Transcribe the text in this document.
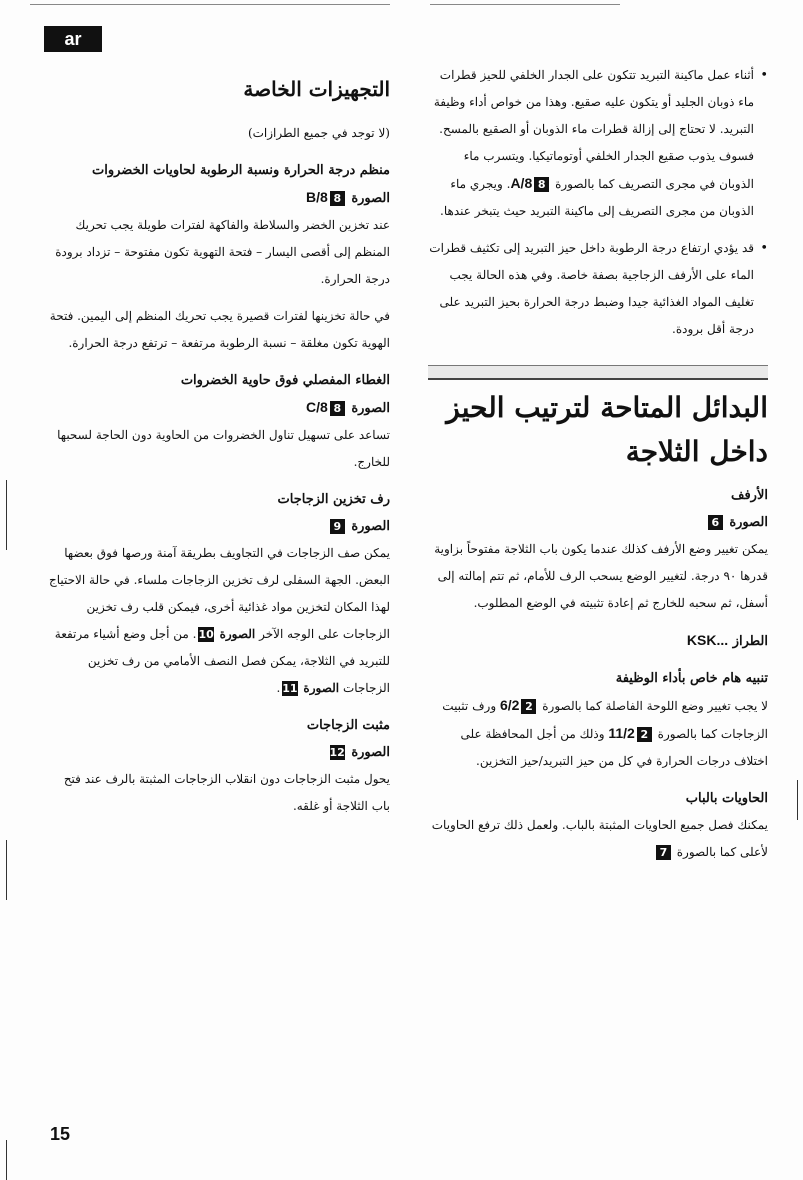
ar

• أثناء عمل ماكينة التبريد تتكون على الجدار الخلفي للحيز قطرات ماء ذوبان الجليد أو يتكون عليه صقيع. وهذا من خواص أداء وظيفة التبريد. لا تحتاج إلى إزالة قطرات ماء الذوبان أو الصقيع بالمسح. فسوف يذوب صقيع الجدار الخلفي أوتوماتيكيا. ويتسرب ماء الذوبان في مجرى التصريف كما بالصورة 8A/8. ويجري ماء الذوبان من مجرى التصريف إلى ماكينة التبريد حيث يتبخر عندها.

• قد يؤدي ارتفاع درجة الرطوبة داخل حيز التبريد إلى تكثيف قطرات الماء على الأرفف الزجاجية بصفة خاصة. وفي هذه الحالة يجب تغليف المواد الغذائية جيدا وضبط درجة الحرارة بحيز التبريد على درجة أقل برودة.

البدائل المتاحة لترتيب الحيز داخل الثلاجة

الأرفف

الصورة 6

يمكن تغيير وضع الأرفف كذلك عندما يكون باب الثلاجة مفتوحاً بزاوية قدرها ٩٠ درجة. لتغيير الوضع يسحب الرف للأمام، ثم تتم إمالته إلى أسفل، ثم سحبه للخارج ثم إعادة تثبيته في الوضع المطلوب.

الطراز KSK...

تنبيه هام خاص بأداء الوظيفة

لا يجب تغيير وضع اللوحة الفاصلة كما بالصورة 26/2 ورف تثبيت الزجاجات كما بالصورة 211/2 وذلك من أجل المحافظة على اختلاف درجات الحرارة في كل من حيز التبريد/حيز التخزين.

الحاويات بالباب

يمكنك فصل جميع الحاويات المثبتة بالباب. ولعمل ذلك ترفع الحاويات لأعلى كما بالصورة 7

التجهيزات الخاصة

(لا توجد في جميع الطرازات)

منظم درجة الحرارة ونسبة الرطوبة لحاويات الخضروات

الصورة 8B/8

عند تخزين الخضر والسلاطة والفاكهة لفترات طويلة يجب تحريك المنظم إلى أقصى اليسار – فتحة التهوية تكون مفتوحة – تزداد برودة درجة الحرارة.

في حالة تخزينها لفترات قصيرة يجب تحريك المنظم إلى اليمين. فتحة الهوية تكون مغلقة – نسبة الرطوبة مرتفعة – ترتفع درجة الحرارة.

الغطاء المفصلي فوق حاوية الخضروات

الصورة 8C/8

تساعد على تسهيل تناول الخضروات من الحاوية دون الحاجة لسحبها للخارج.

رف تخزين الزجاجات

الصورة 9

يمكن صف الزجاجات في التجاويف بطريقة آمنة ورصها فوق بعضها البعض. الجهة السفلى لرف تخزين الزجاجات ملساء. في حالة الاحتياج لهذا المكان لتخزين مواد غذائية أخرى، فيمكن قلب رف تخزين الزجاجات على الوجه الآخر الصورة 10. من أجل وضع أشياء مرتفعة للتبريد في الثلاجة، يمكن فصل النصف الأمامي من رف تخزين الزجاجات الصورة 11.

مثبت الزجاجات

الصورة 12

يحول مثبت الزجاجات دون انقلاب الزجاجات المثبتة بالرف عند فتح باب الثلاجة أو غلقه.

15
